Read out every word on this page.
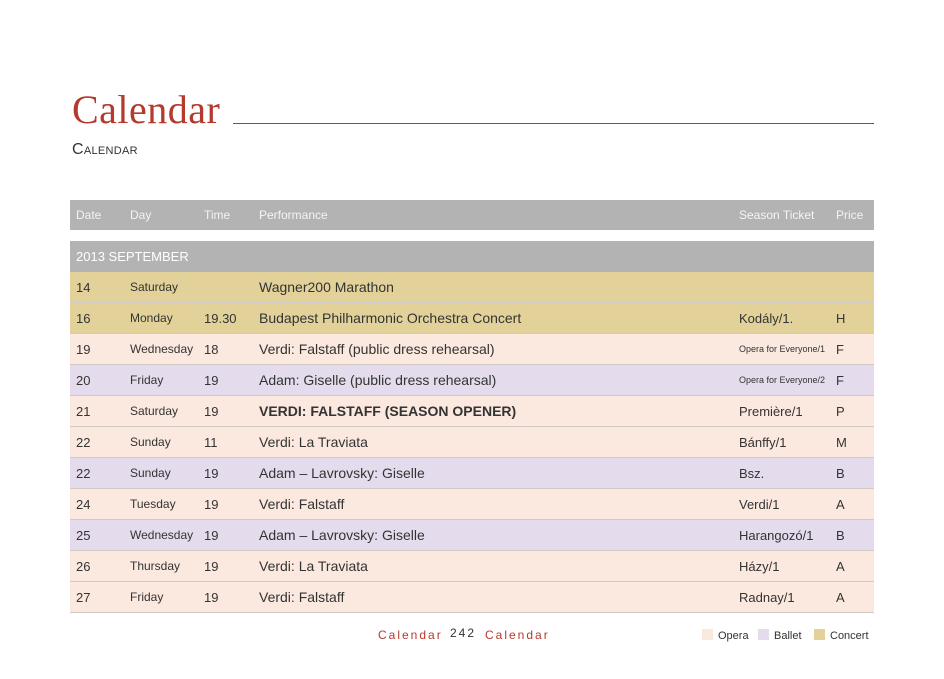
Calendar
Calendar
Date Day	Time Performance	Season Ticket Price
2013 SEPTEMBER
14	Saturday	Wagner200 Marathon
16	Monday 19.30 Budapest Philharmonic Orchestra Concert	Kodály/1.	H
19	Wednesday 18	Verdi: Falstaff (public dress rehearsal)	Opera for Everyone/1 F
20	Friday	19	Adam: Giselle (public dress rehearsal)	Opera for Everyone/2 F
21	Saturday 19	VERDI: FALSTAFF (SEASON OPENER)	Première/1	P
22	Sunday	11	Verdi: La Traviata	Bánffy/1	M
22	Sunday	19	Adam – Lavrovsky: Giselle	Bsz.	B
24	Tuesday 19	Verdi: Falstaff	Verdi/1	A
25	Wednesday 19	Adam – Lavrovsky: Giselle	Harangozó/1 B
26	Thursday 19	Verdi: La Traviata	Házy/1	A
27	Friday	19	Verdi: Falstaff	Radnay/1	A
Calendar 242 Calendar	Opera	Ballet	Concert
